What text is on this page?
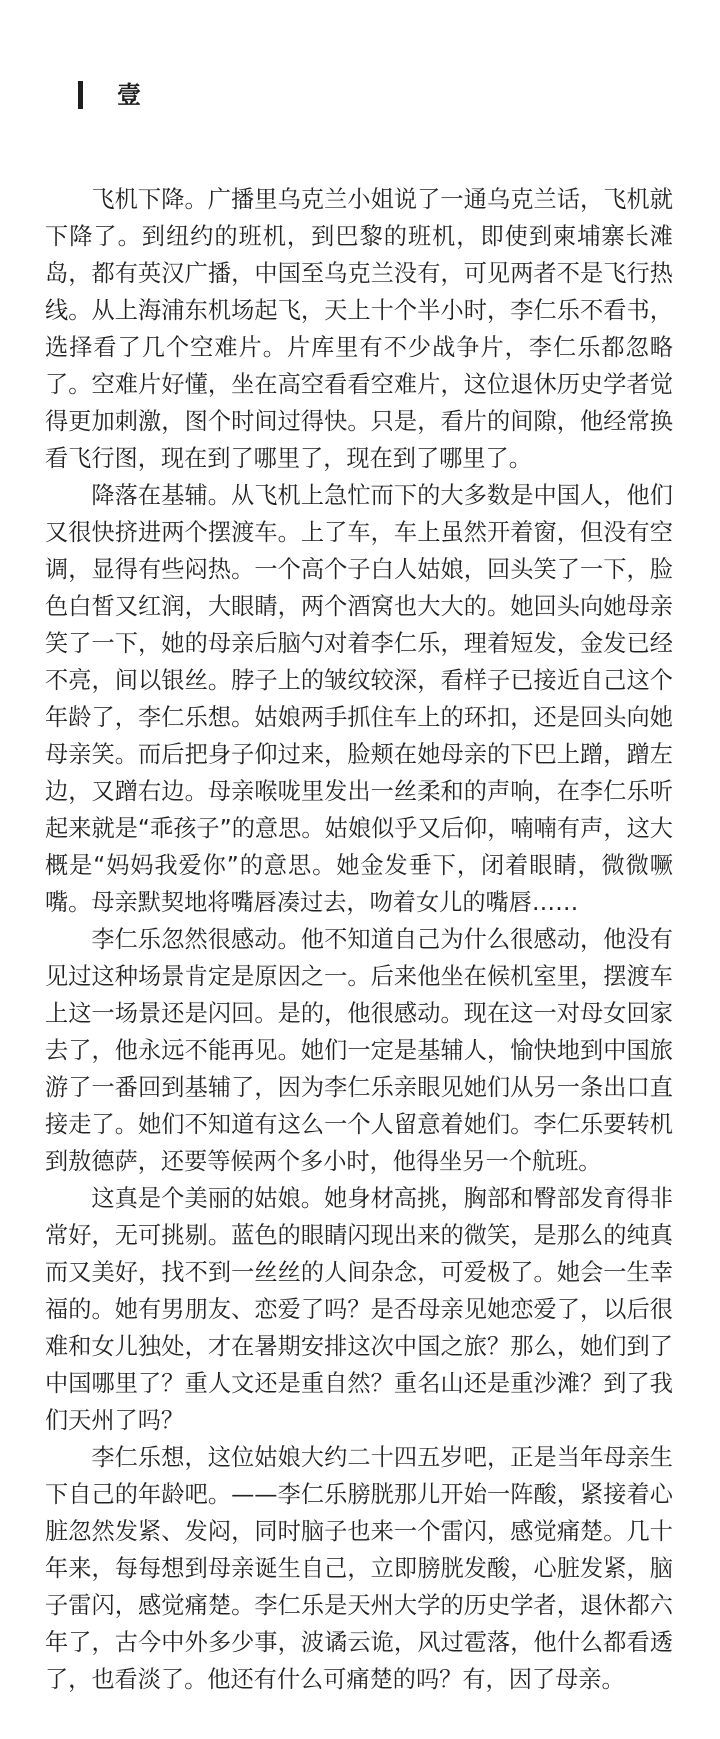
壹

飞机下降。广播里乌克兰小姐说了一通乌克兰话，飞机就下降了。到纽约的班机，到巴黎的班机，即使到柬埔寨长滩岛，都有英汉广播，中国至乌克兰没有，可见两者不是飞行热线。从上海浦东机场起飞，天上十个半小时，李仁乐不看书，选择看了几个空难片。片库里有不少战争片，李仁乐都忽略了。空难片好懂，坐在高空看看空难片，这位退休历史学者觉得更加刺激，图个时间过得快。只是，看片的间隙，他经常换看飞行图，现在到了哪里了，现在到了哪里了。

降落在基辅。从飞机上急忙而下的大多数是中国人，他们又很快挤进两个摆渡车。上了车，车上虽然开着窗，但没有空调，显得有些闷热。一个高个子白人姑娘，回头笑了一下，脸色白皙又红润，大眼睛，两个酒窝也大大的。她回头向她母亲笑了一下，她的母亲后脑勺对着李仁乐，理着短发，金发已经不亮，间以银丝。脖子上的皱纹较深，看样子已接近自己这个年龄了，李仁乐想。姑娘两手抓住车上的环扣，还是回头向她母亲笑。而后把身子仰过来，脸颊在她母亲的下巴上蹭，蹭左边，又蹭右边。母亲喉咙里发出一丝柔和的声响，在李仁乐听起来就是“乖孩子”的意思。姑娘似乎又后仰，喃喃有声，这大概是“妈妈我爱你”的意思。她金发垂下，闭着眼睛，微微噘嘴。母亲默契地将嘴唇凑过去，吻着女儿的嘴唇……

李仁乐忽然很感动。他不知道自己为什么很感动，他没有见过这种场景肯定是原因之一。后来他坐在候机室里，摆渡车上这一场景还是闪回。是的，他很感动。现在这一对母女回家去了，他永远不能再见。她们一定是基辅人，愉快地到中国旅游了一番回到基辅了，因为李仁乐亲眼见她们从另一条出口直接走了。她们不知道有这么一个人留意着她们。李仁乐要转机到敖德萨，还要等候两个多小时，他得坐另一个航班。

这真是个美丽的姑娘。她身材高挑，胸部和臀部发育得非常好，无可挑剔。蓝色的眼睛闪现出来的微笑，是那么的纯真而又美好，找不到一丝丝的人间杂念，可爱极了。她会一生幸福的。她有男朋友、恋爱了吗？是否母亲见她恋爱了，以后很难和女儿独处，才在暑期安排这次中国之旅？那么，她们到了中国哪里了？重人文还是重自然？重名山还是重沙滩？到了我们天州了吗？

李仁乐想，这位姑娘大约二十四五岁吧，正是当年母亲生下自己的年龄吧。——李仁乐膀胱那儿开始一阵酸，紧接着心脏忽然发紧、发闷，同时脑子也来一个雷闪，感觉痛楚。几十年来，每每想到母亲诞生自己，立即膀胱发酸，心脏发紧，脑子雷闪，感觉痛楚。李仁乐是天州大学的历史学者，退休都六年了，古今中外多少事，波谲云诡，风过雹落，他什么都看透了，也看淡了。他还有什么可痛楚的吗？有，因了母亲。
